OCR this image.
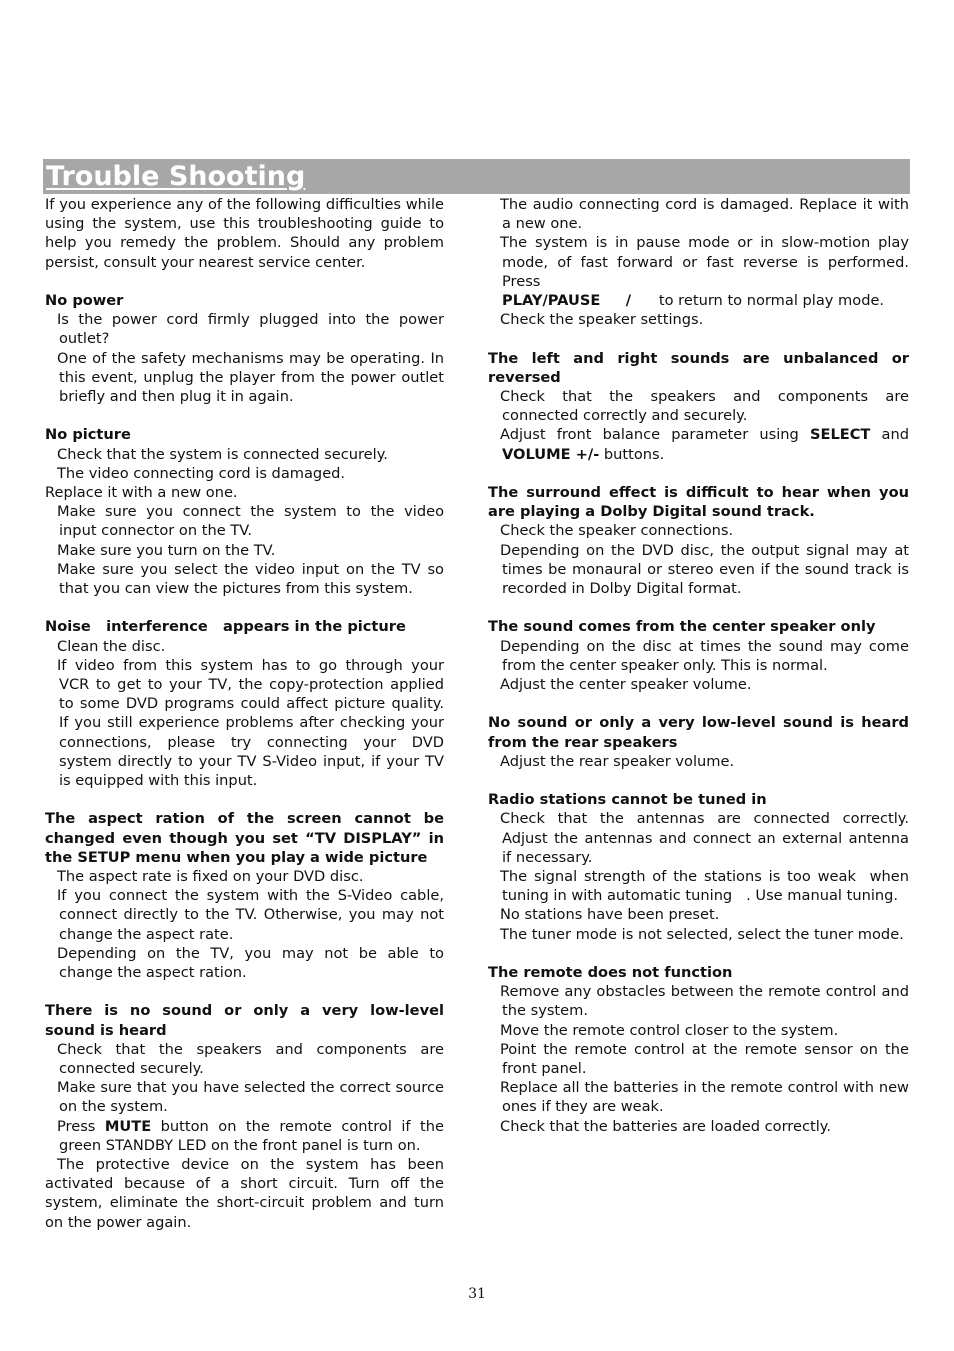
Trouble Shooting

If you experience any of the following difficulties while using the system, use this troubleshooting guide to help you remedy the problem. Should any problem persist, consult your nearest service center.

No power

Is the power cord firmly plugged into the power outlet?

One of the safety mechanisms may be operating. In this event, unplug the player from the power outlet briefly and then plug it in again.

No picture

Check that the system is connected securely.

The video connecting cord is damaged.

Replace it with a new one.

Make sure you connect the system to the video input connector on the TV.

Make sure you turn on the TV.

Make sure you select the video input on the TV so that you can view the pictures from this system.

Noise   interference   appears in the picture

Clean the disc.

If video from this system has to go through your VCR to get to your TV, the copy-protection applied to some DVD programs could affect picture quality. If you still experience problems after checking your connections, please try connecting your DVD system directly to your TV S-Video input, if your TV is equipped with this input.

The aspect ration of the screen cannot be changed even though you set “TV DISPLAY” in the SETUP menu when you play a wide picture

The aspect rate is fixed on your DVD disc.

If you connect the system with the S-Video cable, connect directly to the TV. Otherwise, you may not change the aspect rate.

Depending on the TV, you may not be able to change the aspect ration.

There is no sound or only a very low-level sound is heard

Check that the speakers and components are connected securely.

Make sure that you have selected the correct source on the system.

Press MUTE button on the remote control if the green STANDBY LED on the front panel is turn on.

The protective device on the system has been activated because of a short circuit. Turn off the system, eliminate the short-circuit problem and turn on the power again.

The audio connecting cord is damaged. Replace it with a new one.

The system is in pause mode or in slow-motion play mode, of fast forward or fast reverse is performed. Press PLAY/PAUSE     /      to return to normal play mode.

Check the speaker settings.

The left and right sounds are unbalanced or reversed

Check that the speakers and components are connected correctly and securely.

Adjust front balance parameter using SELECT and VOLUME +/- buttons.

The surround effect is difficult to hear when you are playing a Dolby Digital sound track.

Check the speaker connections.

Depending on the DVD disc, the output signal may at times be monaural or stereo even if the sound track is recorded in Dolby Digital format.

The sound comes from the center speaker only

Depending on the disc at times the sound may come from the center speaker only. This is normal.

Adjust the center speaker volume.

No sound or only a very low-level sound is heard from the rear speakers

Adjust the rear speaker volume.

Radio stations cannot be tuned in

Check that the antennas are connected correctly. Adjust the antennas and connect an external antenna if necessary.

The signal strength of the stations is too weak  when tuning in with automatic tuning   . Use manual tuning.

No stations have been preset.

The tuner mode is not selected, select the tuner mode.

The remote does not function

Remove any obstacles between the remote control and the system.

Move the remote control closer to the system.

Point the remote control at the remote sensor on the front panel.

Replace all the batteries in the remote control with new ones if they are weak.

Check that the batteries are loaded correctly.

31
